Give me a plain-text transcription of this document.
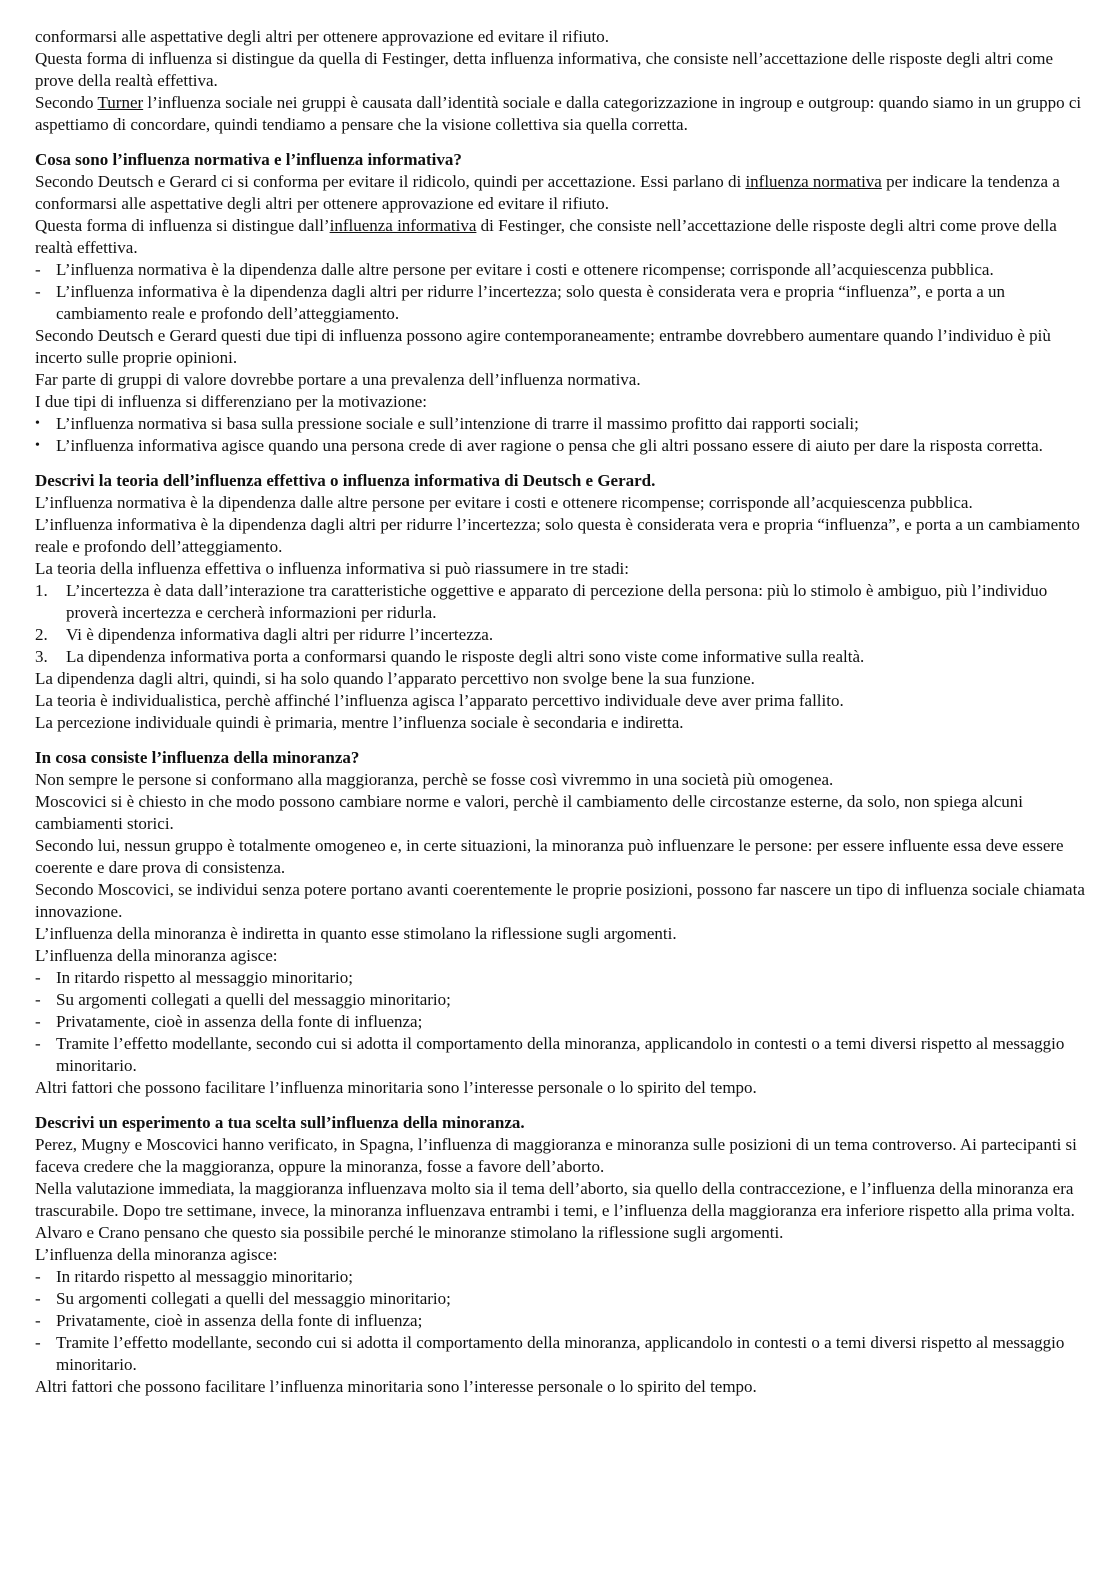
conformarsi alle aspettative degli altri per ottenere approvazione ed evitare il rifiuto.

Questa forma di influenza si distingue da quella di Festinger, detta influenza informativa, che consiste nell’accettazione delle risposte degli altri come prove della realtà effettiva.

Secondo Turner l’influenza sociale nei gruppi è causata dall’identità sociale e dalla categorizzazione in ingroup e outgroup: quando siamo in un gruppo ci aspettiamo di concordare, quindi tendiamo a pensare che la visione collettiva sia quella corretta.

Cosa sono l’influenza normativa e l’influenza informativa?

Secondo Deutsch e Gerard ci si conforma per evitare il ridicolo, quindi per accettazione. Essi parlano di influenza normativa per indicare la tendenza a conformarsi alle aspettative degli altri per ottenere approvazione ed evitare il rifiuto.

Questa forma di influenza si distingue dall’influenza informativa di Festinger, che consiste nell’accettazione delle risposte degli altri come prove della realtà effettiva.

- L’influenza normativa è la dipendenza dalle altre persone per evitare i costi e ottenere ricompense; corrisponde all’acquiescenza pubblica.
- L’influenza informativa è la dipendenza dagli altri per ridurre l’incertezza; solo questa è considerata vera e propria “influenza”, e porta a un cambiamento reale e profondo dell’atteggiamento.

Secondo Deutsch e Gerard questi due tipi di influenza possono agire contemporaneamente; entrambe dovrebbero aumentare quando l’individuo è più incerto sulle proprie opinioni.

Far parte di gruppi di valore dovrebbe portare a una prevalenza dell’influenza normativa.

I due tipi di influenza si differenziano per la motivazione:

• L’influenza normativa si basa sulla pressione sociale e sull’intenzione di trarre il massimo profitto dai rapporti sociali;
• L’influenza informativa agisce quando una persona crede di aver ragione o pensa che gli altri possano essere di aiuto per dare la risposta corretta.

Descrivi la teoria dell’influenza effettiva o influenza informativa di Deutsch e Gerard.

L’influenza normativa è la dipendenza dalle altre persone per evitare i costi e ottenere ricompense; corrisponde all’acquiescenza pubblica.

L’influenza informativa è la dipendenza dagli altri per ridurre l’incertezza; solo questa è considerata vera e propria “influenza”, e porta a un cambiamento reale e profondo dell’atteggiamento.

La teoria della influenza effettiva o influenza informativa si può riassumere in tre stadi:

1. L’incertezza è data dall’interazione tra caratteristiche oggettive e apparato di percezione della persona: più lo stimolo è ambiguo, più l’individuo proverà incertezza e cercherà informazioni per ridurla.
2. Vi è dipendenza informativa dagli altri per ridurre l’incertezza.
3. La dipendenza informativa porta a conformarsi quando le risposte degli altri sono viste come informative sulla realtà.

La dipendenza dagli altri, quindi, si ha solo quando l’apparato percettivo non svolge bene la sua funzione.

La teoria è individualistica, perchè affinché l’influenza agisca l’apparato percettivo individuale deve aver prima fallito.

La percezione individuale quindi è primaria, mentre l’influenza sociale è secondaria e indiretta.

In cosa consiste l’influenza della minoranza?

Non sempre le persone si conformano alla maggioranza, perchè se fosse così vivremmo in una società più omogenea.

Moscovici si è chiesto in che modo possono cambiare norme e valori, perchè il cambiamento delle circostanze esterne, da solo, non spiega alcuni cambiamenti storici.

Secondo lui, nessun gruppo è totalmente omogeneo e, in certe situazioni, la minoranza può influenzare le persone: per essere influente essa deve essere coerente e dare prova di consistenza.

Secondo Moscovici, se individui senza potere portano avanti coerentemente le proprie posizioni, possono far nascere un tipo di influenza sociale chiamata innovazione.

L’influenza della minoranza è indiretta in quanto esse stimolano la riflessione sugli argomenti.

L’influenza della minoranza agisce:

- In ritardo rispetto al messaggio minoritario;
- Su argomenti collegati a quelli del messaggio minoritario;
- Privatamente, cioè in assenza della fonte di influenza;
- Tramite l’effetto modellante, secondo cui si adotta il comportamento della minoranza, applicandolo in contesti o a temi diversi rispetto al messaggio minoritario.

Altri fattori che possono facilitare l’influenza minoritaria sono l’interesse personale o lo spirito del tempo.

Descrivi un esperimento a tua scelta sull’influenza della minoranza.

Perez, Mugny e Moscovici hanno verificato, in Spagna, l’influenza di maggioranza e minoranza sulle posizioni di un tema controverso. Ai partecipanti si faceva credere che la maggioranza, oppure la minoranza, fosse a favore dell’aborto.

Nella valutazione immediata, la maggioranza influenzava molto sia il tema dell’aborto, sia quello della contraccezione, e l’influenza della minoranza era trascurabile. Dopo tre settimane, invece, la minoranza influenzava entrambi i temi, e l’influenza della maggioranza era inferiore rispetto alla prima volta.

Alvaro e Crano pensano che questo sia possibile perché le minoranze stimolano la riflessione sugli argomenti.

L’influenza della minoranza agisce:

- In ritardo rispetto al messaggio minoritario;
- Su argomenti collegati a quelli del messaggio minoritario;
- Privatamente, cioè in assenza della fonte di influenza;
- Tramite l’effetto modellante, secondo cui si adotta il comportamento della minoranza, applicandolo in contesti o a temi diversi rispetto al messaggio minoritario.

Altri fattori che possono facilitare l’influenza minoritaria sono l’interesse personale o lo spirito del tempo.
